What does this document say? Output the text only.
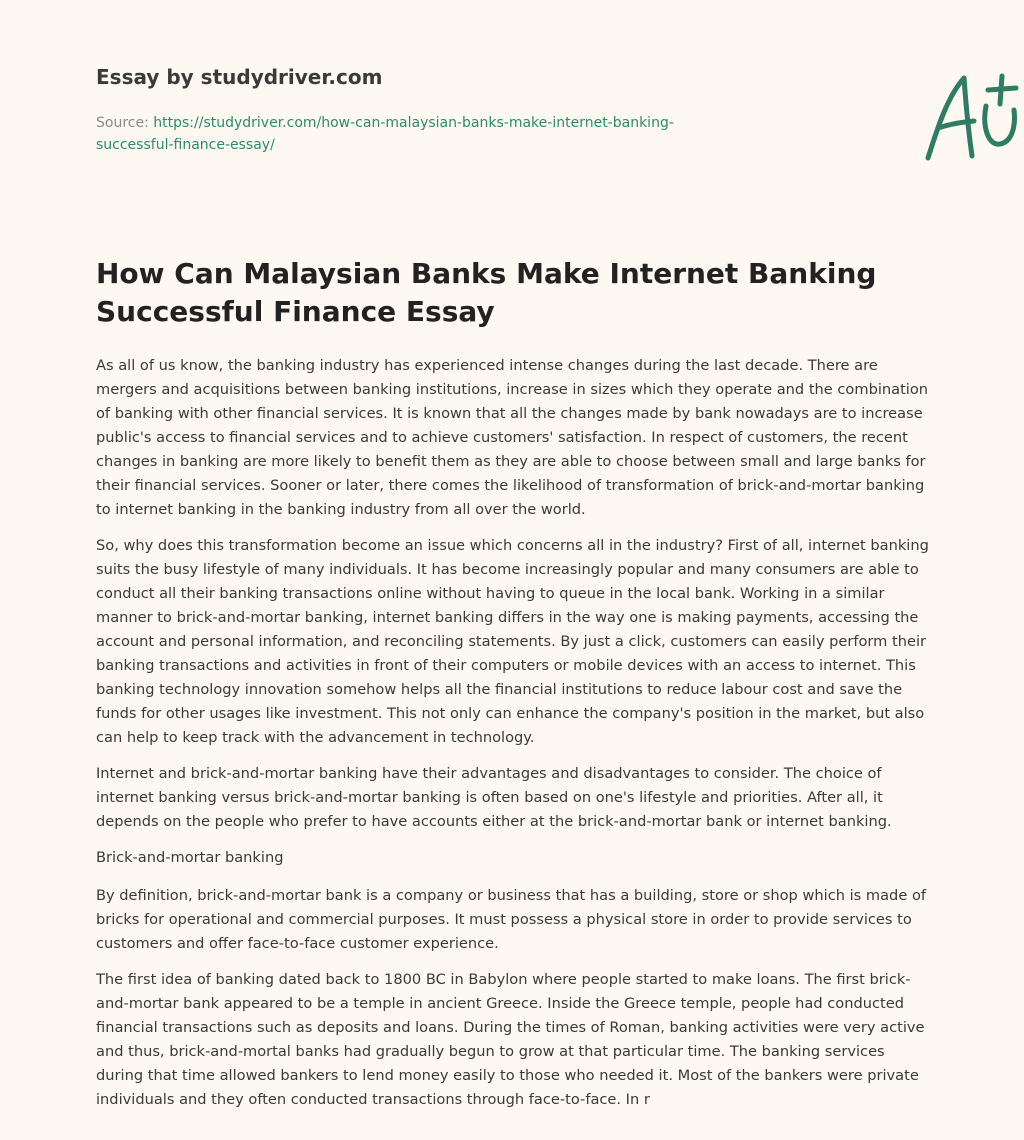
Essay by studydriver.com
Source: https://studydriver.com/how-can-malaysian-banks-make-internet-banking-successful-finance-essay/
How Can Malaysian Banks Make Internet Banking Successful Finance Essay

As all of us know, the banking industry has experienced intense changes during the last decade. There are mergers and acquisitions between banking institutions, increase in sizes which they operate and the combination of banking with other financial services. It is known that all the changes made by bank nowadays are to increase public's access to financial services and to achieve customers' satisfaction. In respect of customers, the recent changes in banking are more likely to benefit them as they are able to choose between small and large banks for their financial services. Sooner or later, there comes the likelihood of transformation of brick-and-mortar banking to internet banking in the banking industry from all over the world.

So, why does this transformation become an issue which concerns all in the industry? First of all, internet banking suits the busy lifestyle of many individuals. It has become increasingly popular and many consumers are able to conduct all their banking transactions online without having to queue in the local bank. Working in a similar manner to brick-and-mortar banking, internet banking differs in the way one is making payments, accessing the account and personal information, and reconciling statements. By just a click, customers can easily perform their banking transactions and activities in front of their computers or mobile devices with an access to internet. This banking technology innovation somehow helps all the financial institutions to reduce labour cost and save the funds for other usages like investment. This not only can enhance the company's position in the market, but also can help to keep track with the advancement in technology.

Internet and brick-and-mortar banking have their advantages and disadvantages to consider. The choice of internet banking versus brick-and-mortar banking is often based on one's lifestyle and priorities. After all, it depends on the people who prefer to have accounts either at the brick-and-mortar bank or internet banking.

Brick-and-mortar banking

By definition, brick-and-mortar bank is a company or business that has a building, store or shop which is made of bricks for operational and commercial purposes. It must possess a physical store in order to provide services to customers and offer face-to-face customer experience.

The first idea of banking dated back to 1800 BC in Babylon where people started to make loans. The first brick-and-mortar bank appeared to be a temple in ancient Greece. Inside the Greece temple, people had conducted financial transactions such as deposits and loans. During the times of Roman, banking activities were very active and thus, brick-and-mortal banks had gradually begun to grow at that particular time. The banking services during that time allowed bankers to lend money easily to those who needed it. Most of the bankers were private individuals and they often conducted transactions through face-to-face. In r
